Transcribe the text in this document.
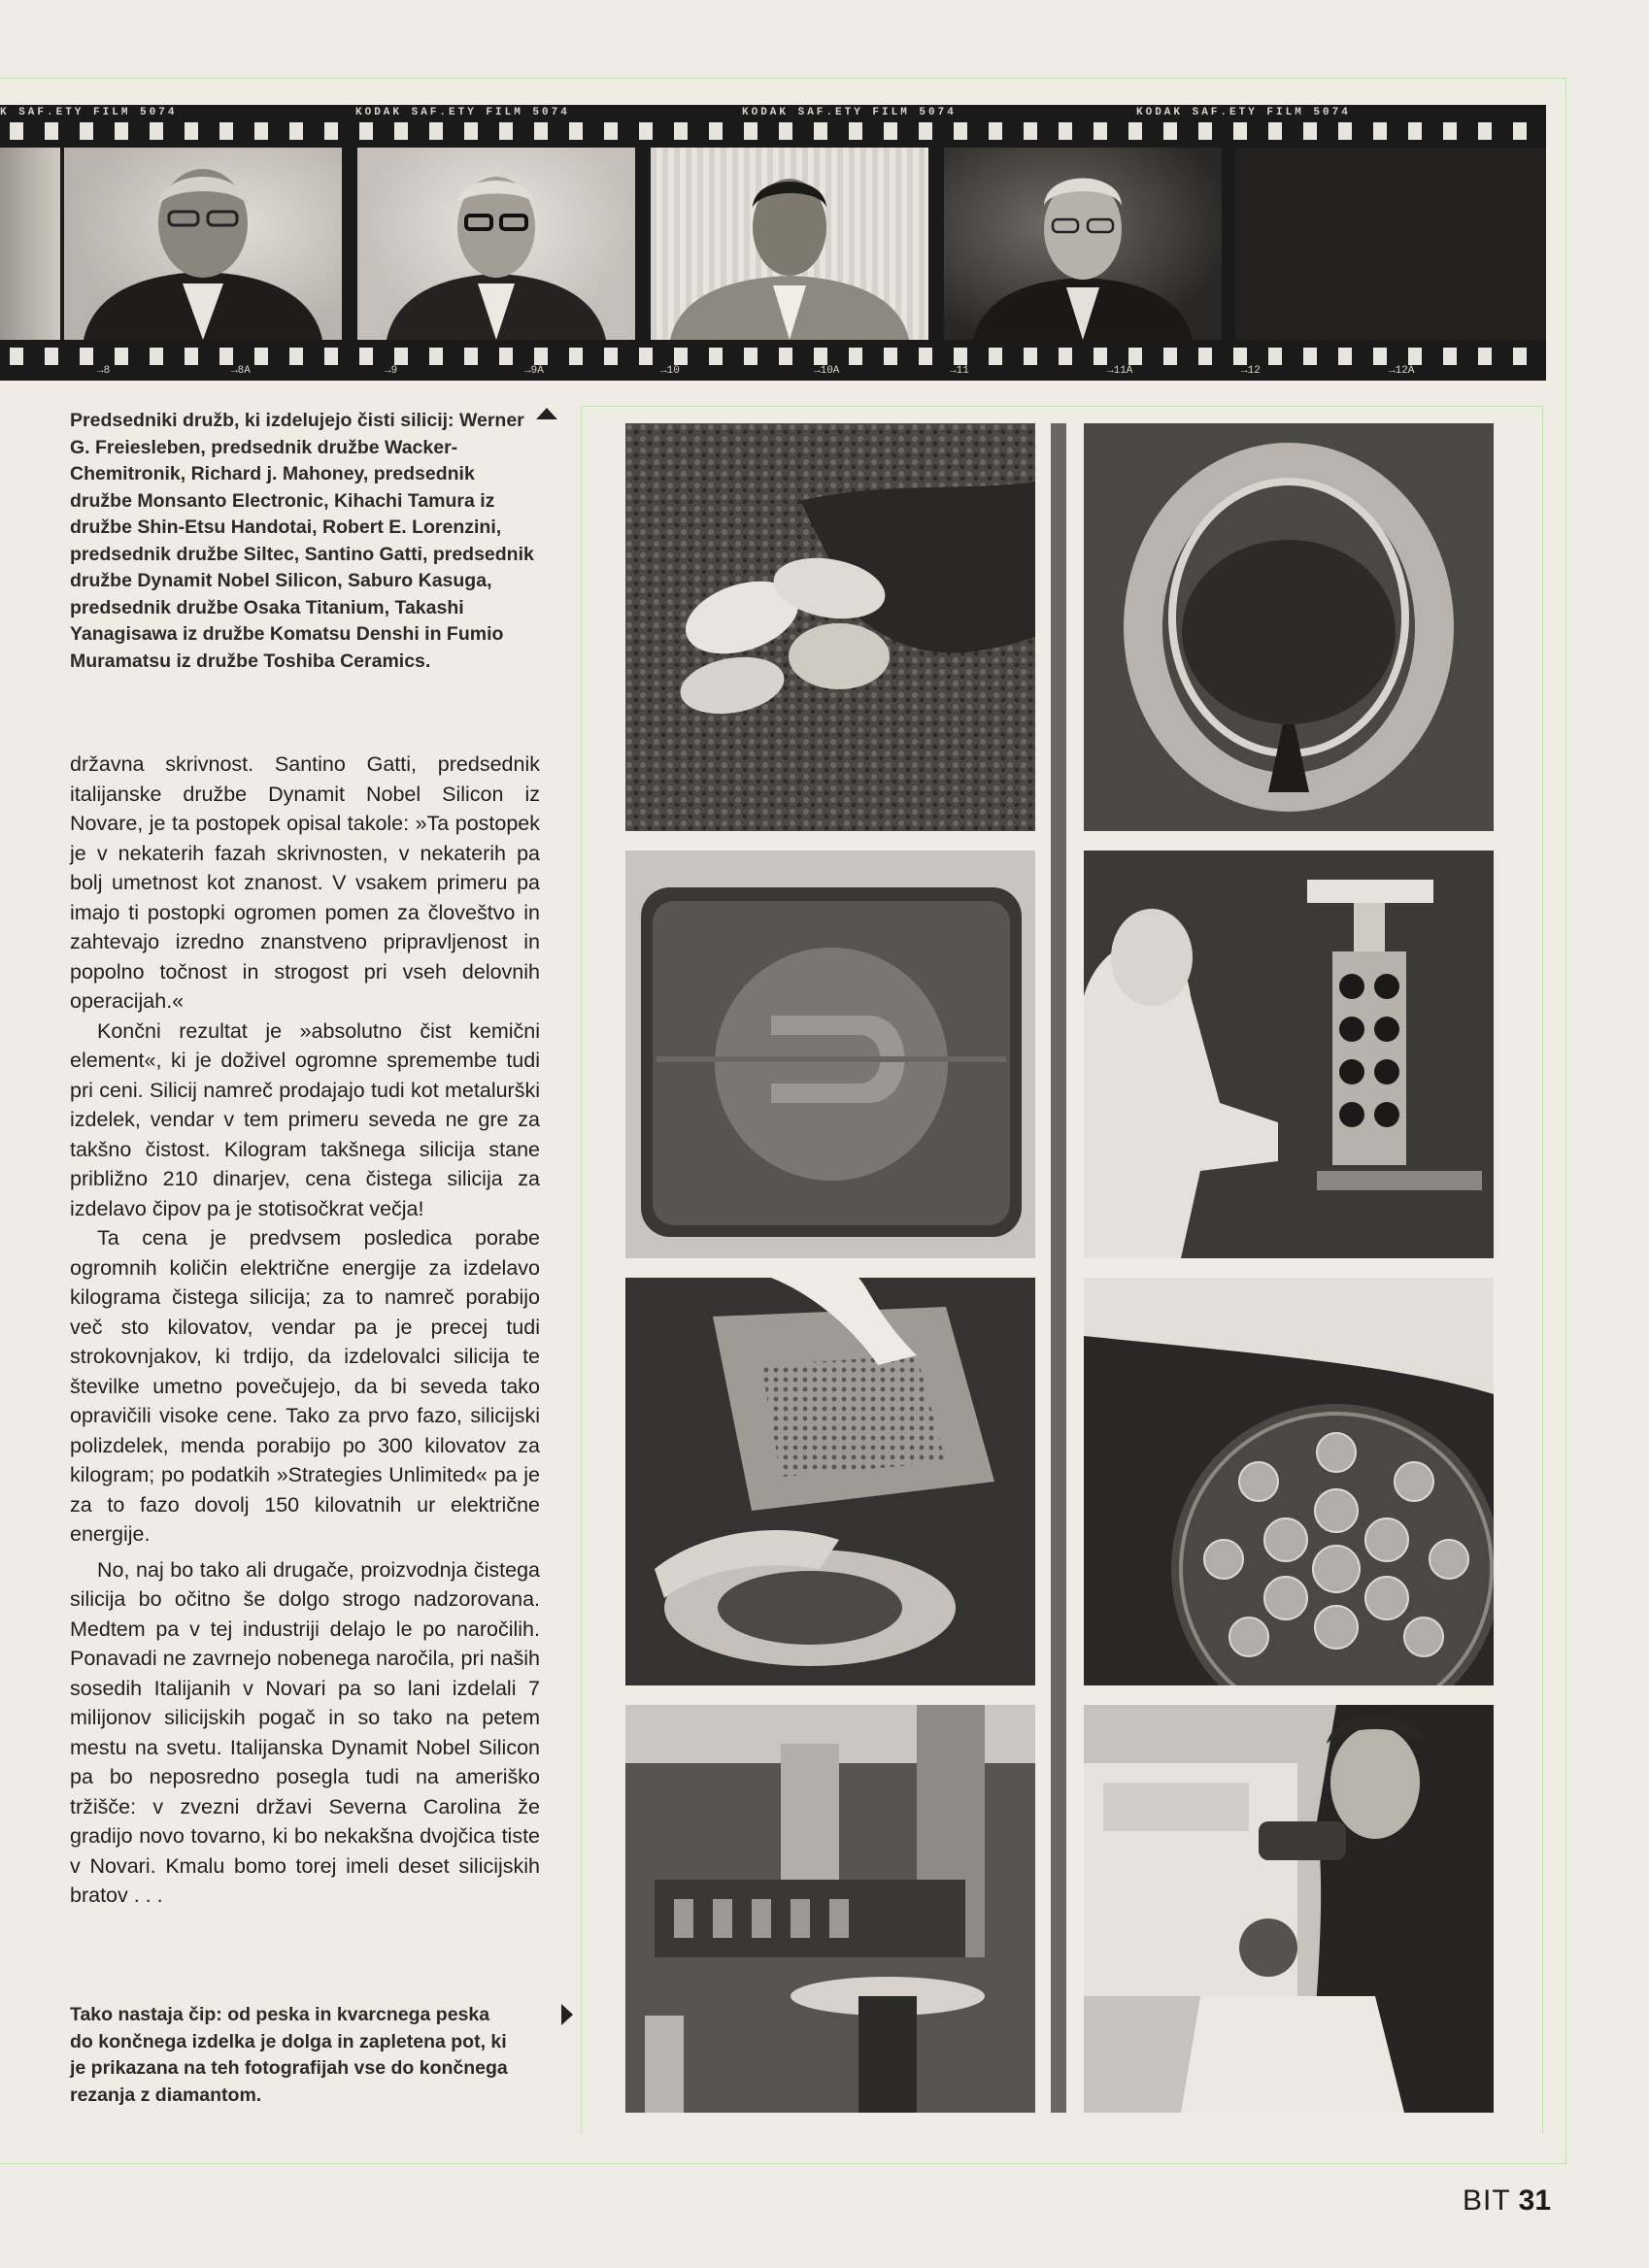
K SAF.ETY FILM 5074	KODAK SAF.ETY FILM 5074	KODAK SAF.ETY FILM 5074	KODAK SAF.ETY FILM 5074
→8	→8A	→9	→9A	→10	→10A	→11	→11A	→12	→12A
Predsedniki družb, ki izdelujejo čisti silicij: Werner G. Freiesleben, predsednik družbe Wacker-Chemitronik, Richard j. Mahoney, predsednik družbe Monsanto Electronic, Kihachi Tamura iz družbe Shin-Etsu Handotai, Robert E. Lorenzini, predsednik družbe Siltec, Santino Gatti, predsednik družbe Dynamit Nobel Silicon, Saburo Kasuga, predsednik družbe Osaka Titanium, Takashi Yanagisawa iz družbe Komatsu Denshi in Fumio Muramatsu iz družbe Toshiba Ceramics.

državna skrivnost. Santino Gatti, predsednik italijanske družbe Dynamit Nobel Silicon iz Novare, je ta postopek opisal takole: »Ta postopek je v nekaterih fazah skrivnosten, v nekaterih pa bolj umetnost kot znanost. V vsakem primeru pa imajo ti postopki ogromen pomen za človeštvo in zahtevajo izredno znanstveno pripravljenost in popolno točnost in strogost pri vseh delovnih operacijah.«

Končni rezultat je »absolutno čist kemični element«, ki je doživel ogromne spremembe tudi pri ceni. Silicij namreč prodajajo tudi kot metalurški izdelek, vendar v tem primeru seveda ne gre za takšno čistost. Kilogram takšnega silicija stane približno 210 dinarjev, cena čistega silicija za izdelavo čipov pa je stotisočkrat večja!

Ta cena je predvsem posledica porabe ogromnih količin električne energije za izdelavo kilograma čistega silicija; za to namreč porabijo več sto kilovatov, vendar pa je precej tudi strokovnjakov, ki trdijo, da izdelovalci silicija te številke umetno povečujejo, da bi seveda tako opravičili visoke cene. Tako za prvo fazo, silicijski polizdelek, menda porabijo po 300 kilovatov za kilogram; po podatkih »Strategies Unlimited« pa je za to fazo dovolj 150 kilovatnih ur električne energije.

No, naj bo tako ali drugače, proizvodnja čistega silicija bo očitno še dolgo strogo nadzorovana. Medtem pa v tej industriji delajo le po naročilih. Ponavadi ne zavrnejo nobenega naročila, pri naših sosedih Italijanih v Novari pa so lani izdelali 7 milijonov silicijskih pogač in so tako na petem mestu na svetu. Italijanska Dynamit Nobel Silicon pa bo neposredno posegla tudi na ameriško tržišče: v zvezni državi Severna Carolina že gradijo novo tovarno, ki bo nekakšna dvojčica tiste v Novari. Kmalu bomo torej imeli deset silicijskih bratov . . .

Tako nastaja čip: od peska in kvarcnega peska do končnega izdelka je dolga in zapletena pot, ki je prikazana na teh fotografijah vse do končnega rezanja z diamantom.
BIT 31
